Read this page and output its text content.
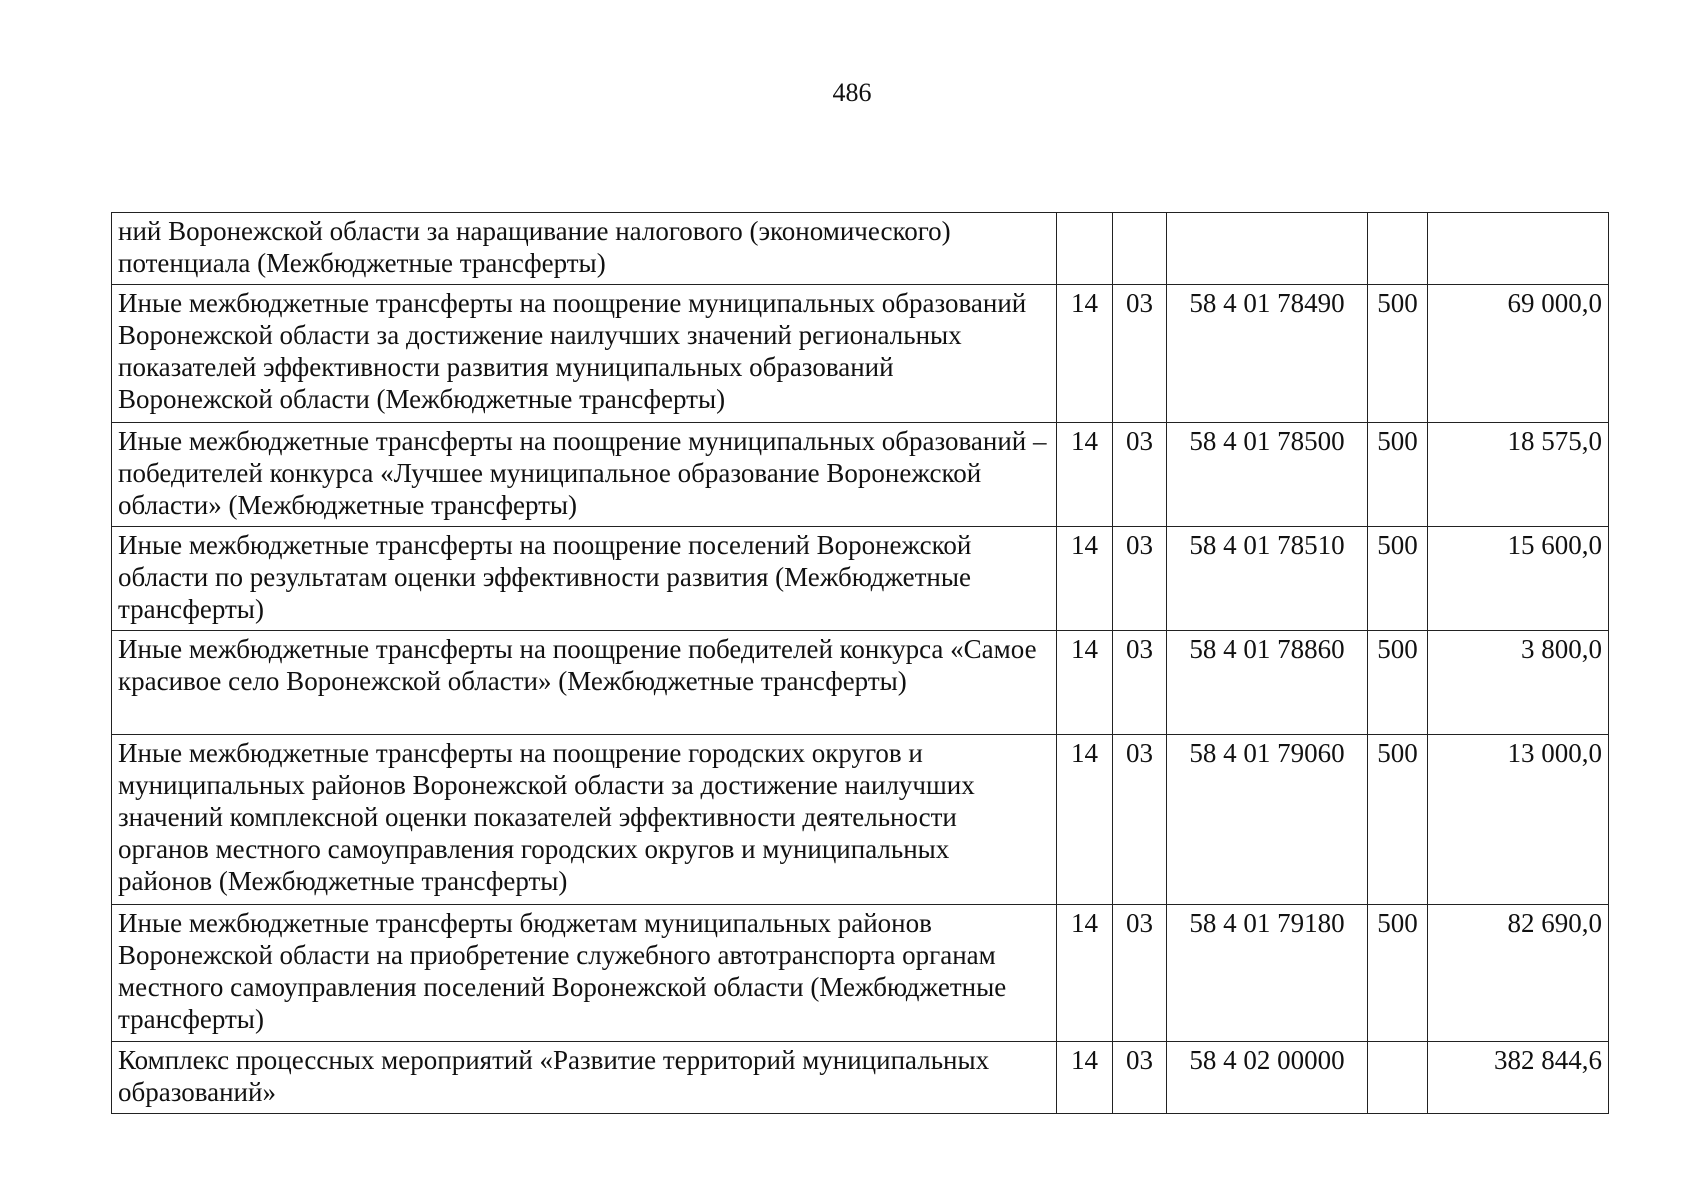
486
ний Воронежской области за наращивание налогового (экономического) потенциала (Межбюджетные трансферты)					
Иные межбюджетные трансферты на поощрение муниципальных образований Воронежской области за достижение наилучших значений региональных показателей эффективности развития муниципальных образований Воронежской области (Межбюджетные трансферты)	14	03	58 4 01 78490	500	69 000,0
Иные межбюджетные трансферты на поощрение муниципальных образований – победителей конкурса «Лучшее муниципальное образование Воронежской области» (Межбюджетные трансферты)	14	03	58 4 01 78500	500	18 575,0
Иные межбюджетные трансферты на поощрение поселений Воронежской области по результатам оценки эффективности развития (Межбюджетные трансферты)	14	03	58 4 01 78510	500	15 600,0
Иные межбюджетные трансферты на поощрение победителей конкурса «Самое красивое село Воронежской области» (Межбюджетные трансферты)	14	03	58 4 01 78860	500	3 800,0
Иные межбюджетные трансферты на поощрение городских округов и муниципальных районов Воронежской области за достижение наилучших значений комплексной оценки показателей эффективности деятельности органов местного самоуправления городских округов и муниципальных районов (Межбюджетные трансферты)	14	03	58 4 01 79060	500	13 000,0
Иные межбюджетные трансферты бюджетам муниципальных районов Воронежской области на приобретение служебного автотранспорта органам местного самоуправления поселений Воронежской области (Межбюджетные трансферты)	14	03	58 4 01 79180	500	82 690,0
Комплекс процессных мероприятий «Развитие территорий муниципальных образований»	14	03	58 4 02 00000		382 844,6
